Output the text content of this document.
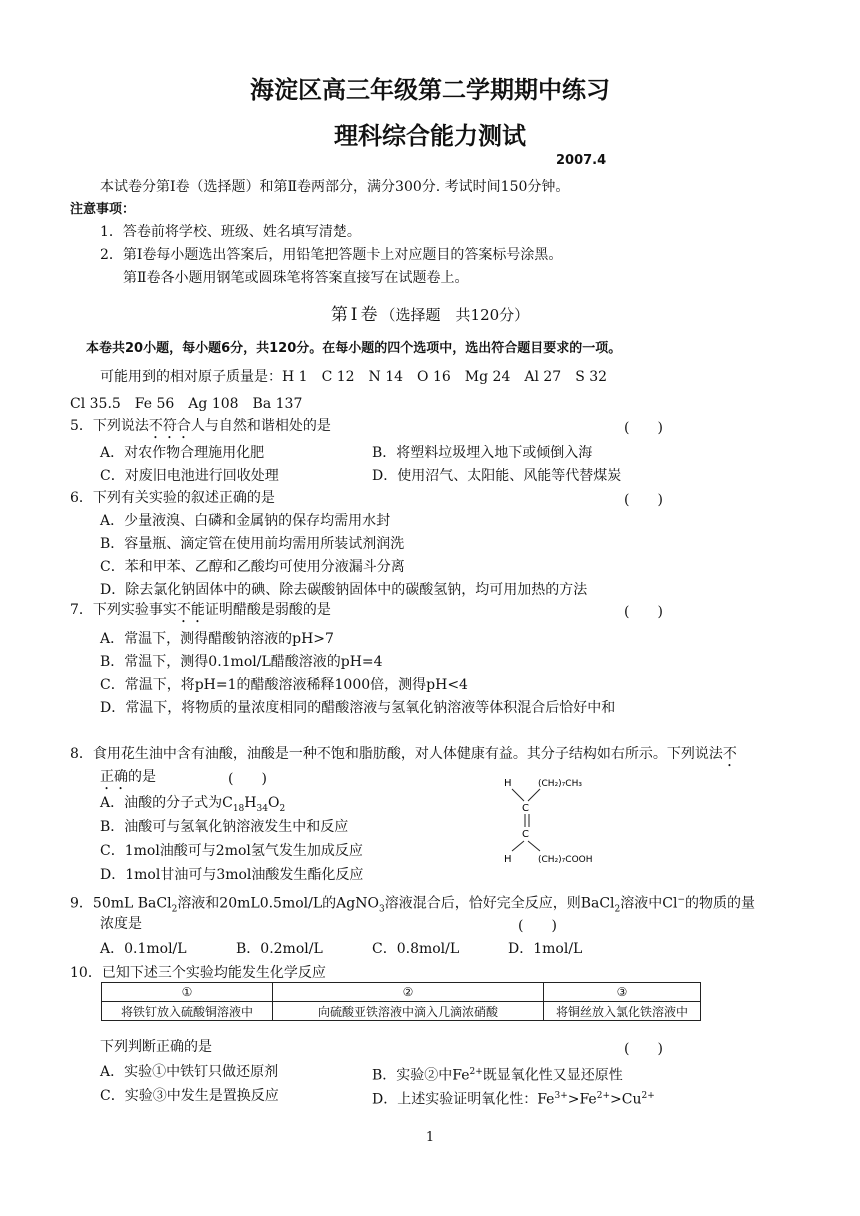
海淀区高三年级第二学期期中练习
理科综合能力测试
2007.4
本试卷分第Ⅰ卷（选择题）和第Ⅱ卷两部分，满分300分. 考试时间150分钟。
注意事项：
1．答卷前将学校、班级、姓名填写清楚。
2．第Ⅰ卷每小题选出答案后，用铅笔把答题卡上对应题目的答案标号涂黑。
第Ⅱ卷各小题用钢笔或圆珠笔将答案直接写在试题卷上。
第Ⅰ卷（选择题　共120分）
本卷共20小题，每小题6分，共120分。在每小题的四个选项中，选出符合题目要求的一项。
可能用到的相对原子质量是：H 1　C 12　N 14　O 16　Mg 24　Al 27　S 32
Cl 35.5　Fe 56　Ag 108　Ba 137
5．下列说法不符合人与自然和谐相处的是	(　　)
A．对农作物合理施用化肥	B．将塑料垃圾埋入地下或倾倒入海
C．对废旧电池进行回收处理	D．使用沼气、太阳能、风能等代替煤炭
6．下列有关实验的叙述正确的是	(　　)
A．少量液溴、白磷和金属钠的保存均需用水封
B．容量瓶、滴定管在使用前均需用所装试剂润洗
C．苯和甲苯、乙醇和乙酸均可使用分液漏斗分离
D．除去氯化钠固体中的碘、除去碳酸钠固体中的碳酸氢钠，均可用加热的方法
7．下列实验事实不能证明醋酸是弱酸的是	(　　)
A．常温下，测得醋酸钠溶液的pH>7
B．常温下，测得0.1mol/L醋酸溶液的pH=4
C．常温下，将pH=1的醋酸溶液稀释1000倍，测得pH<4
D．常温下，将物质的量浓度相同的醋酸溶液与氢氧化钠溶液等体积混合后恰好中和
8．食用花生油中含有油酸，油酸是一种不饱和脂肪酸，对人体健康有益。其分子结构如右所示。下列说法不
正确的是	(　　)
A．油酸的分子式为$C_{18}H_{34}O_2$
B．油酸可与氢氧化钠溶液发生中和反应
C．1mol油酸可与2mol氢气发生加成反应
D．1mol甘油可与3mol油酸发生酯化反应
H	(CH₂)₇CH₃
C
C
H	(CH₂)₇COOH
9．50mL BaCl$_2$溶液和20mL0.5mol/L的AgNO$_3$溶液混合后，恰好完全反应，则BaCl$_2$溶液中Cl−的物质的量
浓度是	(　　)
A．0.1mol/L	B．0.2mol/L	C．0.8mol/L	D．1mol/L
10．已知下述三个实验均能发生化学反应
①	②	③
将铁钉放入硫酸铜溶液中	向硫酸亚铁溶液中滴入几滴浓硝酸	将铜丝放入氯化铁溶液中
下列判断正确的是	(　　)
A．实验①中铁钉只做还原剂	B．实验②中$Fe^{2+}$既显氧化性又显还原性
C．实验③中发生是置换反应	D．上述实验证明氧化性：$Fe^{3+}>Fe^{2+}>Cu^{2+}$
1
